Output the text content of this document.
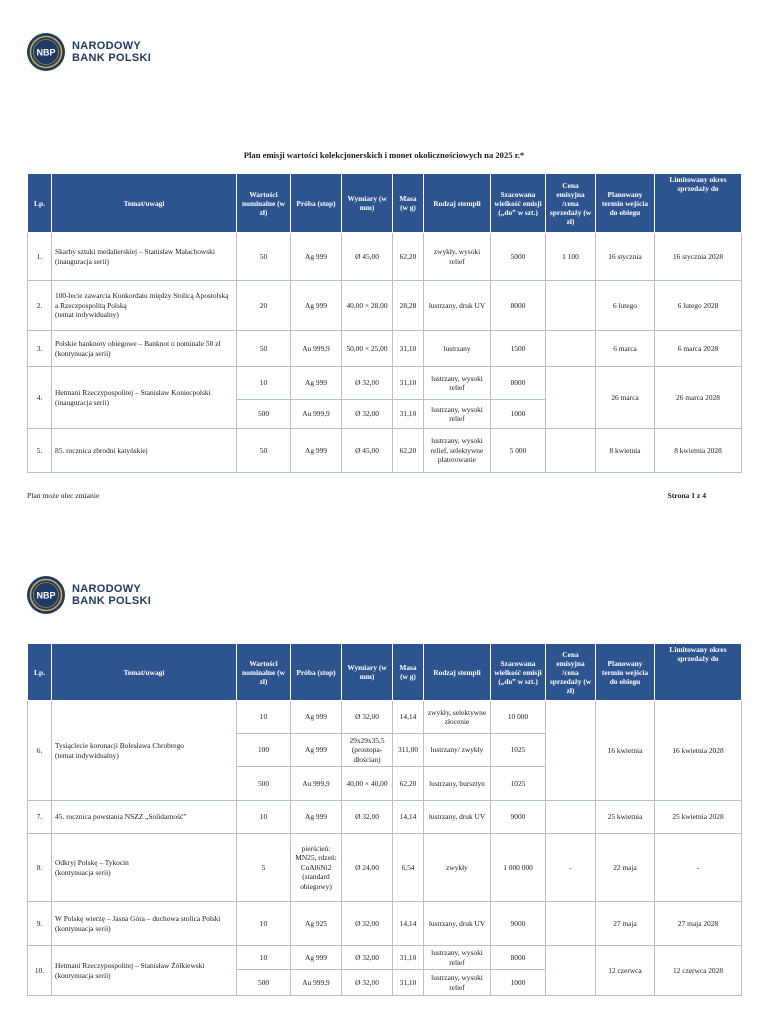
NBP
NARODOWY
BANK POLSKI
Plan emisji wartości kolekcjonerskich i monet okolicznościowych na 2025 r.*
Lp.	Temat/uwagi	Wartości nominalne (w zł)	Próba (stop)	Wymiary (w mm)	Masa (w g)	Rodzaj stempli	Szacowana wielkość emisji („do” w szt.)	Cena emisyjna /cena sprzedaży (w zł)	Planowany termin wejścia do obiegu	Limitowany okres sprzedaży do
1.	Skarby sztuki medalierskiej – Stanisław Małachowski
(inauguracja serii)	50	Ag 999	Ø 45,00	62,20	zwykły, wysoki relief	5000	1 100	16 stycznia	16 stycznia 2028
2.	100-lecie zawarcia Konkordatu między Stolicą Apostolską a Rzeczpospolitą Polską
(temat indywidualny)	20	Ag 999	40,00 × 28,00	28,28	lustrzany, druk UV	8000		6 lutego	6 lutego 2028
3.	Polskie banknoty obiegowe – Banknot o nominale 50 zł
(kontynuacja serii)	50	Au 999,9	50,00 × 25,00	31,10	lustrzany	1500		6 marca	6 marca 2028
4.	Hetmani Rzeczypospolitej – Stanisław Koniecpolski
(inauguracja serii)	10	Ag 999	Ø 32,00	31,10	lustrzany, wysoki relief	8000		26 marca	26 marca 2028
		500	Au 999,9	Ø 32,00	31,10	lustrzany, wysoki relief	1000			
5.	85. rocznica zbrodni katyńskiej	50	Ag 999	Ø 45,00	62,20	lustrzany, wysoki relief, selektywne platerowanie	5 000		8 kwietnia	8 kwietnia 2028
Plan może ulec zmianie	Strona 1 z 4
NBP
NARODOWY
BANK POLSKI
Lp.	Temat/uwagi	Wartości nominalne (w zł)	Próba (stop)	Wymiary (w mm)	Masa (w g)	Rodzaj stempli	Szacowana wielkość emisji („do” w szt.)	Cena emisyjna /cena sprzedaży (w zł)	Planowany termin wejścia do obiegu	Limitowany okres sprzedaży do
6.	Tysiąclecie koronacji Bolesława Chrobrego
(temat indywidualny)	10	Ag 999	Ø 32,00	14,14	zwykły, selektywne złocenie	10 000		16 kwietnia	16 kwietnia 2028
		100	Ag 999	29x29x35,5 (prostopa-dłościan)	311,00	lustrzany/ zwykły	1025			
		500	Au 999,9	40,00 × 40,00	62,20	lustrzany, bursztyn	1025			
7.	45. rocznica powstania NSZZ „Solidarność”	10	Ag 999	Ø 32,00	14,14	lustrzany, druk UV	9000		25 kwietnia	25 kwietnia 2028
8.	Odkryj Polskę – Tykocin
(kontynuacja serii)	5	pierścień: MN25, rdzeń: CuAl6Ni2 (standard obiegowy)	Ø 24,00	6,54	zwykły	1 000 000	-	22 maja	-
9.	W Polskę wierzę – Jasna Góra – duchowa stolica Polski
(kontynuacja serii)	10	Ag 925	Ø 32,00	14,14	lustrzany, druk UV	9000		27 maja	27 maja 2028
10.	Hetmani Rzeczypospolitej – Stanisław Żółkiewski
(kontynuacja serii)	10	Ag 999	Ø 32,00	31,10	lustrzany, wysoki relief	8000		12 czerwca	12 czerwca 2028
		500	Au 999,9	Ø 32,00	31,10	lustrzany, wysoki relief	1000			
